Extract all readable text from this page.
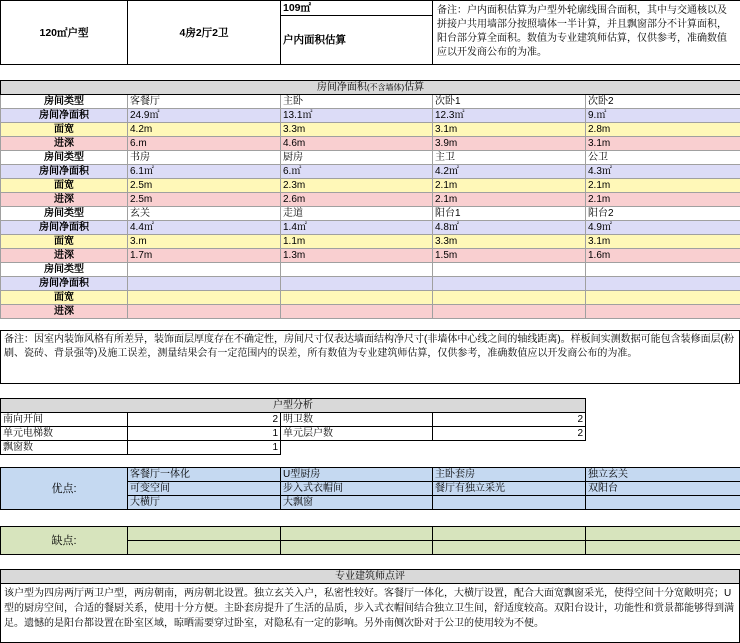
120㎡户型	4房2厅2卫	109㎡	备注：户内面积估算为户型外轮廓线围合面积，其中与交通核以及拼接户共用墙部分按照墙体一半计算，并且飘窗部分不计算面积，阳台部分算全面积。数值为专业建筑师估算，仅供参考，准确数值应以开发商公布的为准。
户内面积估算
房间净面积(不含墙体)估算				
房间类型	客餐厅	主卧	次卧1	次卧2
房间净面积	24.9㎡	13.1㎡	12.3㎡	9.㎡
面宽	4.2m	3.3m	3.1m	2.8m
进深	6.m	4.6m	3.9m	3.1m
房间类型	书房	厨房	主卫	公卫
房间净面积	6.1㎡	6.㎡	4.2㎡	4.3㎡
面宽	2.5m	2.3m	2.1m	2.1m
进深	2.5m	2.6m	2.1m	2.1m
房间类型	玄关	走道	阳台1	阳台2
房间净面积	4.4㎡	1.4㎡	4.8㎡	4.9㎡
面宽	3.m	1.1m	3.3m	3.1m
进深	1.7m	1.3m	1.5m	1.6m
房间类型				
房间净面积				
面宽				
进深				
备注：因室内装饰风格有所差异，装饰面层厚度存在不确定性，房间尺寸仅表达墙面结构净尺寸(非墙体中心线之间的轴线距离)。样板间实测数据可能包含装修面层(粉刷、瓷砖、背景强等)及施工误差，测量结果会有一定范围内的误差，所有数值为专业建筑师估算，仅供参考，准确数值应以开发商公布的为准。
户型分析			
南向开间	2	明卫数	2
单元电梯数	1	单元层户数	2
飘窗数	1		
优点:	客餐厅一体化	U型厨房	主卧套房	独立玄关
	可变空间	步入式衣帽间	餐厅有独立采光	双阳台
	大横厅	大飘窗		
缺点:				

专业建筑师点评
该户型为四房两厅两卫户型，两房朝南，两房朝北设置。独立玄关入户，私密性较好。客餐厅一体化，大横厅设置，配合大面宽飘窗采光，使得空间十分宽敞明亮；U型的厨房空间，合适的餐厨关系，使用十分方便。主卧套房提升了生活的品质，步入式衣帽间结合独立卫生间，舒适度较高。双阳台设计，功能性和赏景都能够得到满足。遗憾的是阳台都设置在卧室区域，晾晒需要穿过卧室，对隐私有一定的影响。另外南侧次卧对于公卫的使用较为不便。
